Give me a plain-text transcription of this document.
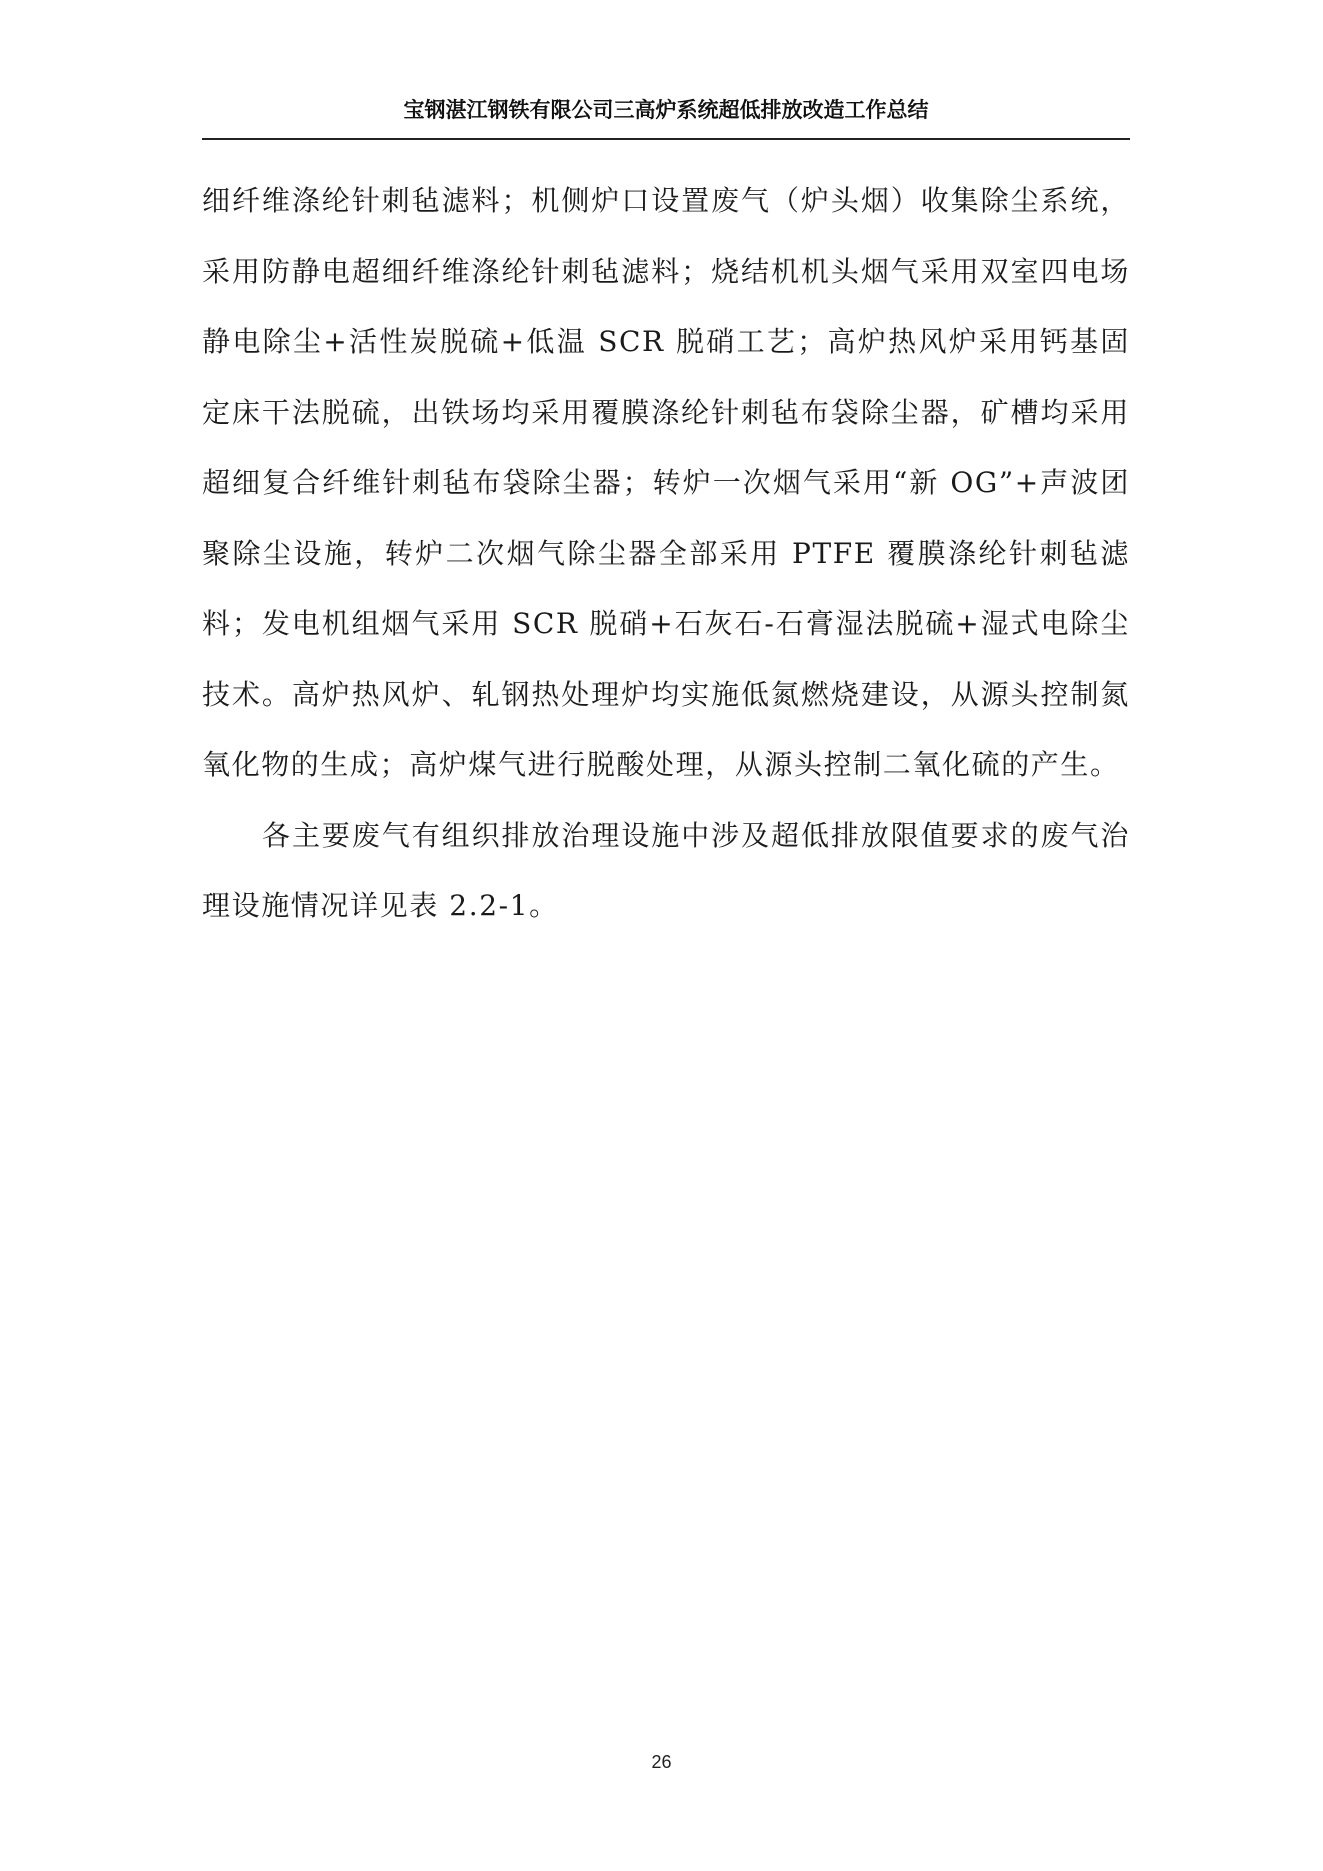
宝钢湛江钢铁有限公司三高炉系统超低排放改造工作总结

细纤维涤纶针刺毡滤料；机侧炉口设置废气（炉头烟）收集除尘系统，采用防静电超细纤维涤纶针刺毡滤料；烧结机机头烟气采用双室四电场静电除尘+活性炭脱硫+低温 SCR 脱硝工艺；高炉热风炉采用钙基固定床干法脱硫，出铁场均采用覆膜涤纶针刺毡布袋除尘器，矿槽均采用超细复合纤维针刺毡布袋除尘器；转炉一次烟气采用“新 OG”+声波团聚除尘设施，转炉二次烟气除尘器全部采用 PTFE 覆膜涤纶针刺毡滤料；发电机组烟气采用 SCR 脱硝+石灰石-石膏湿法脱硫+湿式电除尘技术。高炉热风炉、轧钢热处理炉均实施低氮燃烧建设，从源头控制氮氧化物的生成；高炉煤气进行脱酸处理，从源头控制二氧化硫的产生。

各主要废气有组织排放治理设施中涉及超低排放限值要求的废气治理设施情况详见表 2.2-1。

26
